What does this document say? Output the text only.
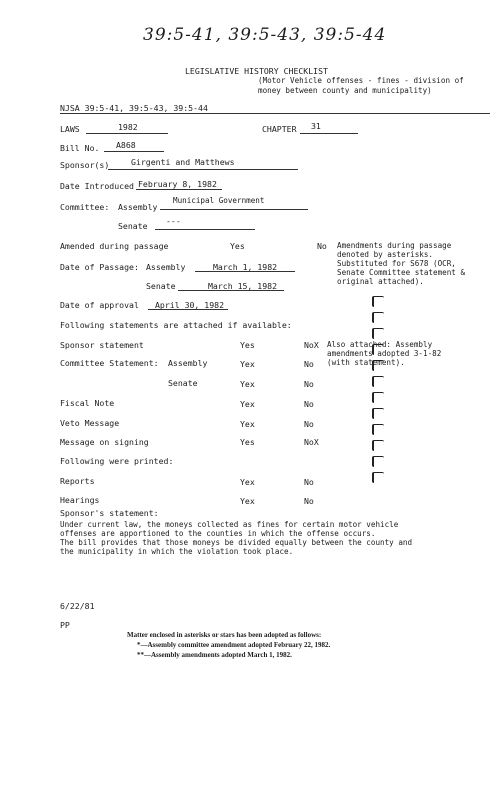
39:5-41, 39:5-43, 39:5-44
LEGISLATIVE HISTORY CHECKLIST
(Motor Vehicle offenses - fines - division of
money between county and municipality)
NJSA 39:5-41, 39:5-43, 39:5-44
LAWS	1982	CHAPTER 31
Bill No. A868
Sponsor(s)	Girgenti and Matthews
Date Introduced February 8, 1982
Committee: Assembly
Municipal Government
Senate ---
Amended during passage	Yes	No Amendments during passage
denoted by asterisks.
Substituted for S678 (OCR,
Senate Committee statement &
original attached).
Date of Passage: Assembly	March 1, 1982
Senate	March 15, 1982
Date of approval April 30, 1982
Following statements are attached if available:
Sponsor statement	Yes	NoX
Committee Statement: Assembly	Yex	No
Senate	Yex	No
Fiscal Note	Yex	No
Veto Message	Yex	No
Message on signing	Yes	NoX
Also attached: Assembly
amendments adopted 3-1-82
(with statement).
Following were printed:
Reports	Yex	No
Hearings	Yex	No
Sponsor's statement:
Under current law, the moneys collected as fines for certain motor vehicle
offenses are apportioned to the counties in which the offense occurs.
The bill provides that those moneys be divided equally between the county and
the municipality in which the violation took place.
6/22/81
PP
Matter enclosed in asterisks or stars has been adopted as follows:
*—Assembly committee amendment adopted February 22, 1982.
**—Assembly amendments adopted March 1, 1982.
